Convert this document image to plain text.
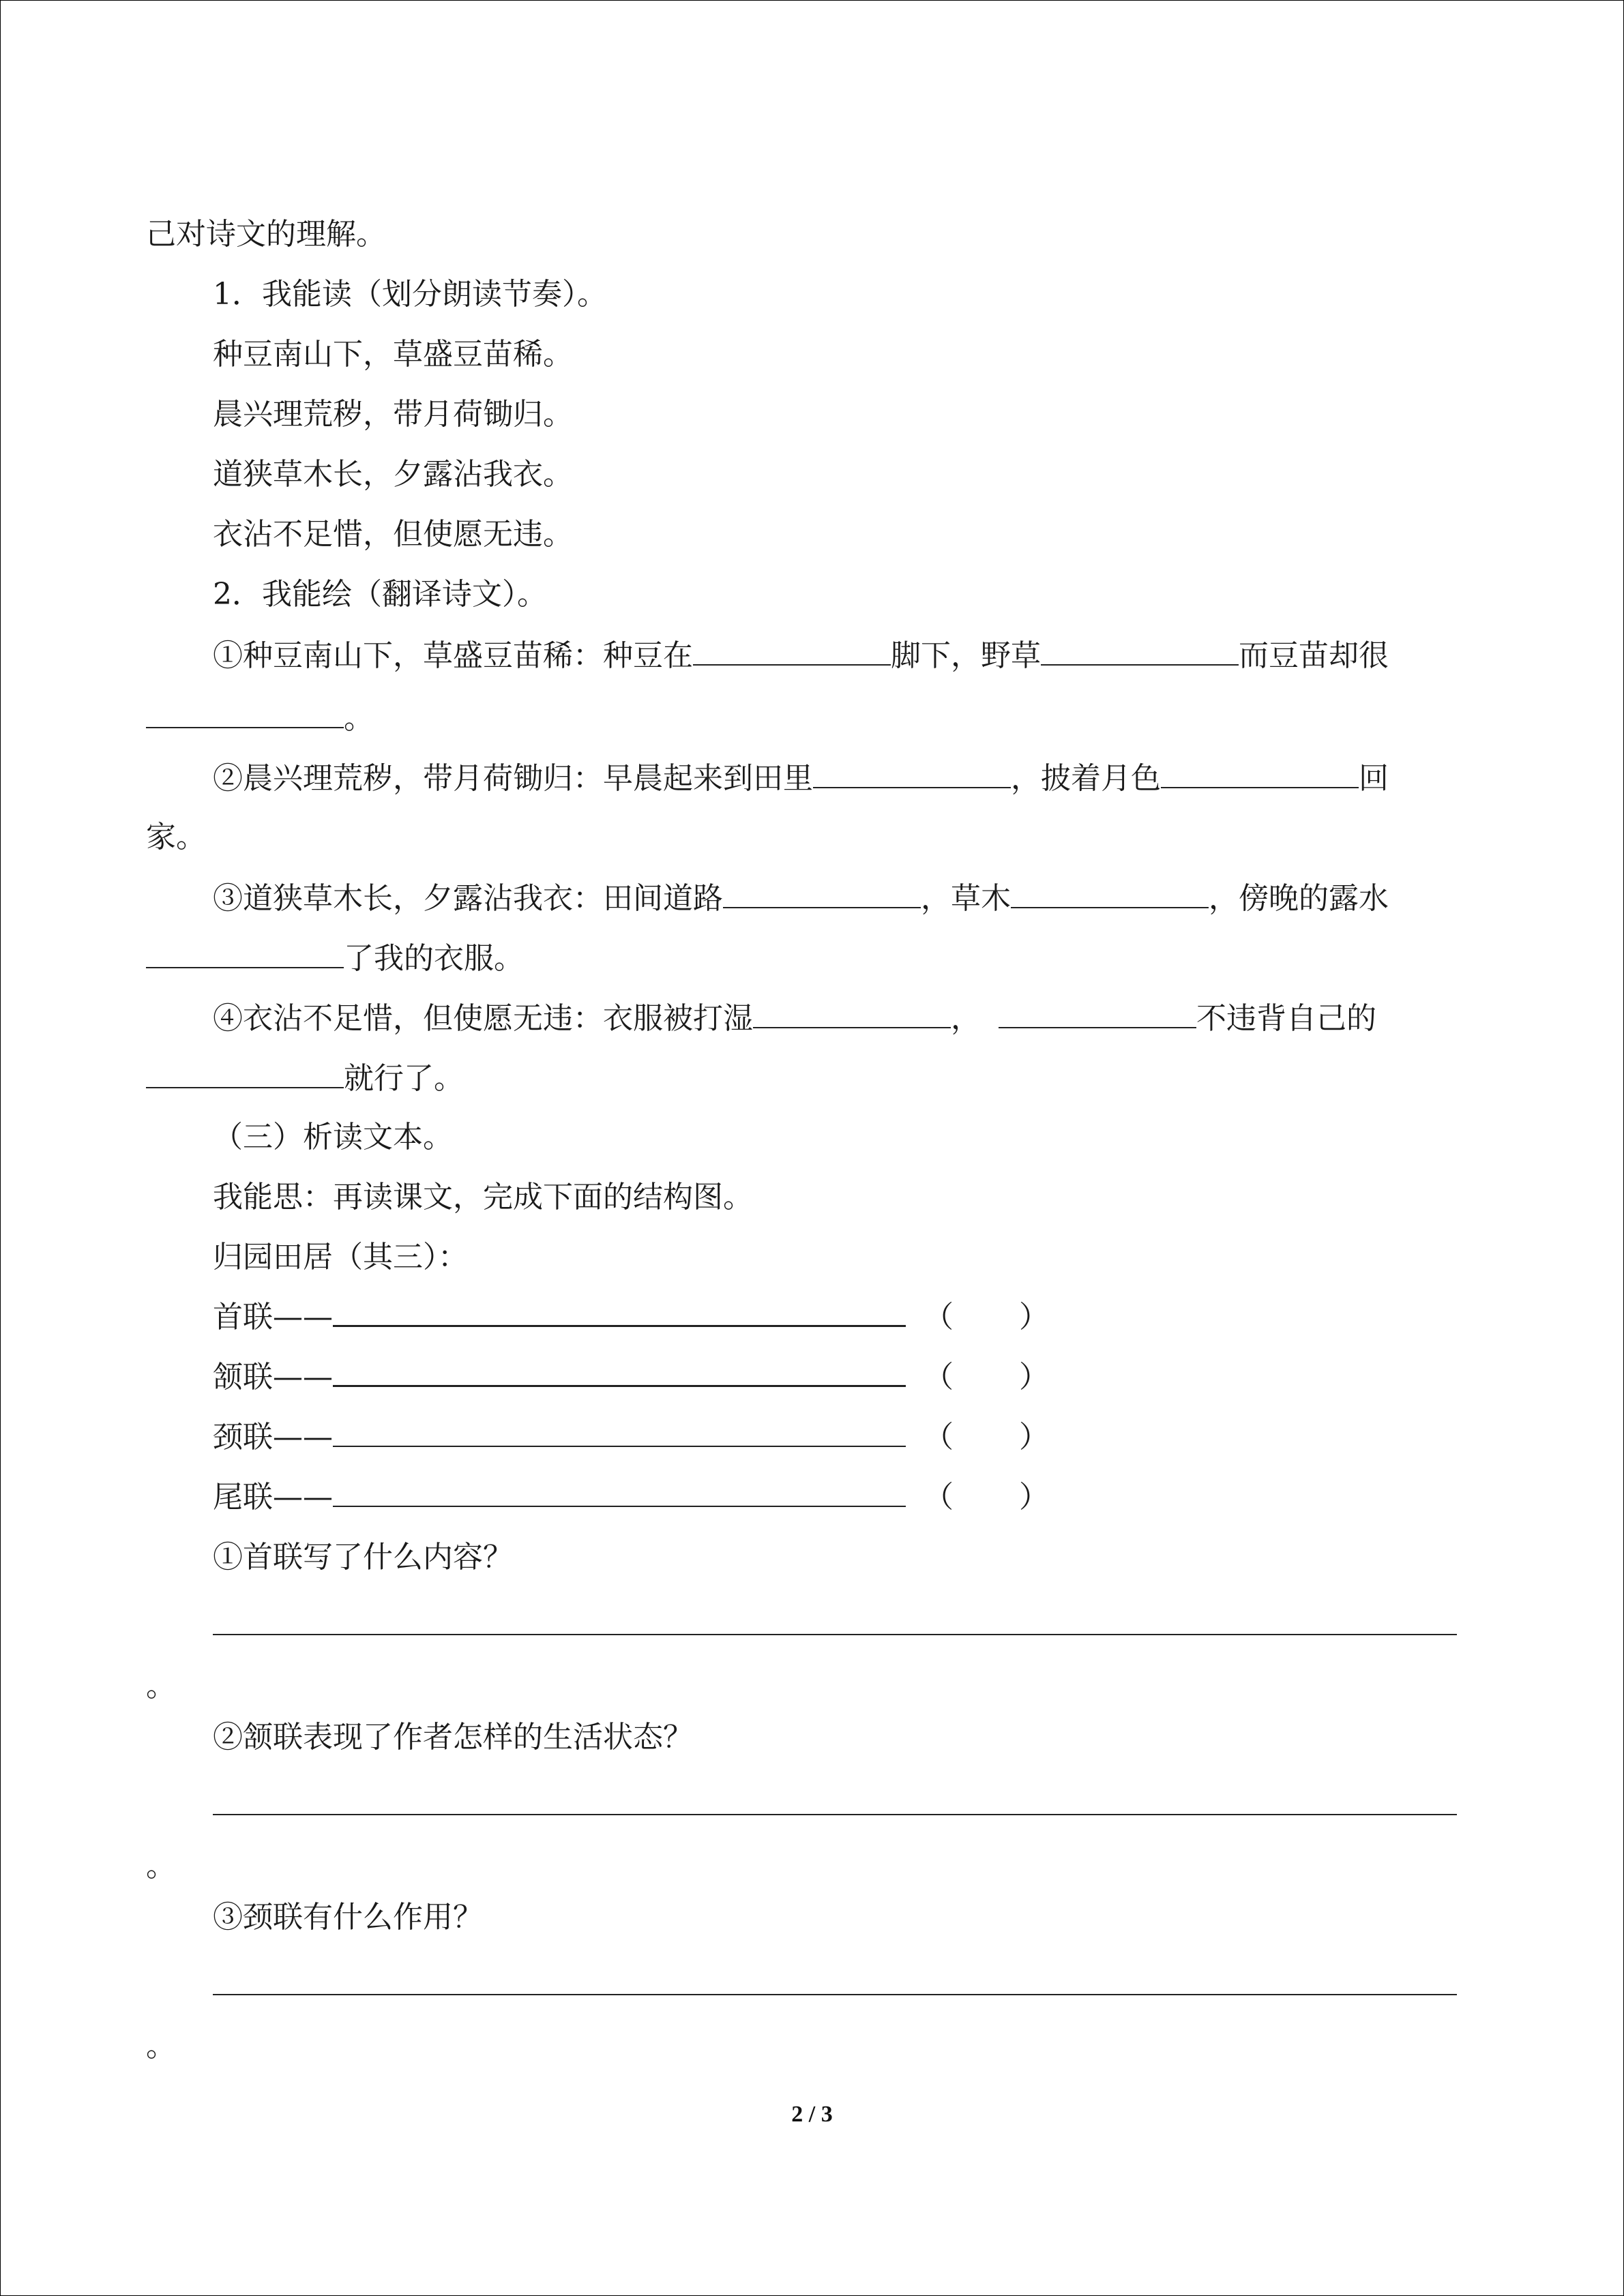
己对诗文的理解。
1．我能读（划分朗读节奏）。
种豆南山下，草盛豆苗稀。
晨兴理荒秽，带月荷锄归。
道狭草木长，夕露沾我衣。
衣沾不足惜，但使愿无违。
2．我能绘（翻译诗文）。
①种豆南山下，草盛豆苗稀：种豆在	脚下，野草	而豆苗却很
。
②晨兴理荒秽，带月荷锄归：早晨起来到田里	，披着月色	回
家。
③道狭草木长，夕露沾我衣：田间道路	，草木	，傍晚的露水
了我的衣服。
④衣沾不足惜，但使愿无违：衣服被打湿	，	不违背自己的
就行了。
（三）析读文本。
我能思：再读课文，完成下面的结构图。
归园田居（其三）：
首联——	（ ）
颔联——	（ ）
颈联——	（ ）
尾联——	（ ）
①首联写了什么内容？
。
②颔联表现了作者怎样的生活状态？
。
③颈联有什么作用？
。
2 / 3
